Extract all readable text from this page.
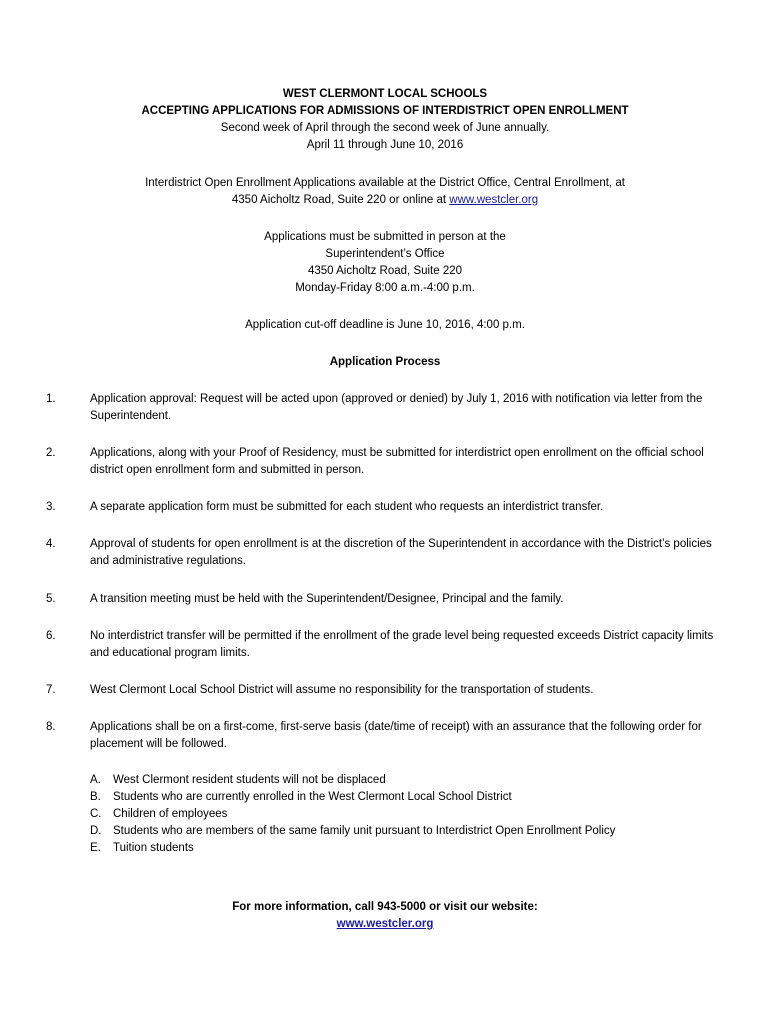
WEST CLERMONT LOCAL SCHOOLS
ACCEPTING APPLICATIONS FOR ADMISSIONS OF INTERDISTRICT OPEN ENROLLMENT
Second week of April through the second week of June annually.
April 11 through June 10, 2016
Interdistrict Open Enrollment Applications available at the District Office, Central Enrollment, at
4350 Aicholtz Road, Suite 220 or online at www.westcler.org
Applications must be submitted in person at the
Superintendent’s Office
4350 Aicholtz Road, Suite 220
Monday-Friday 8:00 a.m.-4:00 p.m.
Application cut-off deadline is June 10, 2016, 4:00 p.m.
Application Process
1.	Application approval: Request will be acted upon (approved or denied) by July 1, 2016 with notification via letter from the Superintendent.
2.	Applications, along with your Proof of Residency, must be submitted for interdistrict open enrollment on the official school district open enrollment form and submitted in person.
3.	A separate application form must be submitted for each student who requests an interdistrict transfer.
4.	Approval of students for open enrollment is at the discretion of the Superintendent in accordance with the District’s policies and administrative regulations.
5.	A transition meeting must be held with the Superintendent/Designee, Principal and the family.
6.	No interdistrict transfer will be permitted if the enrollment of the grade level being requested exceeds District capacity limits and educational program limits.
7.	West Clermont Local School District will assume no responsibility for the transportation of students.
8.	Applications shall be on a first-come, first-serve basis (date/time of receipt) with an assurance that the following order for placement will be followed.
A.	West Clermont resident students will not be displaced
B.	Students who are currently enrolled in the West Clermont Local School District
C.	Children of employees
D.	Students who are members of the same family unit pursuant to Interdistrict Open Enrollment Policy
E.	Tuition students
For more information, call 943-5000 or visit our website:
www.westcler.org
